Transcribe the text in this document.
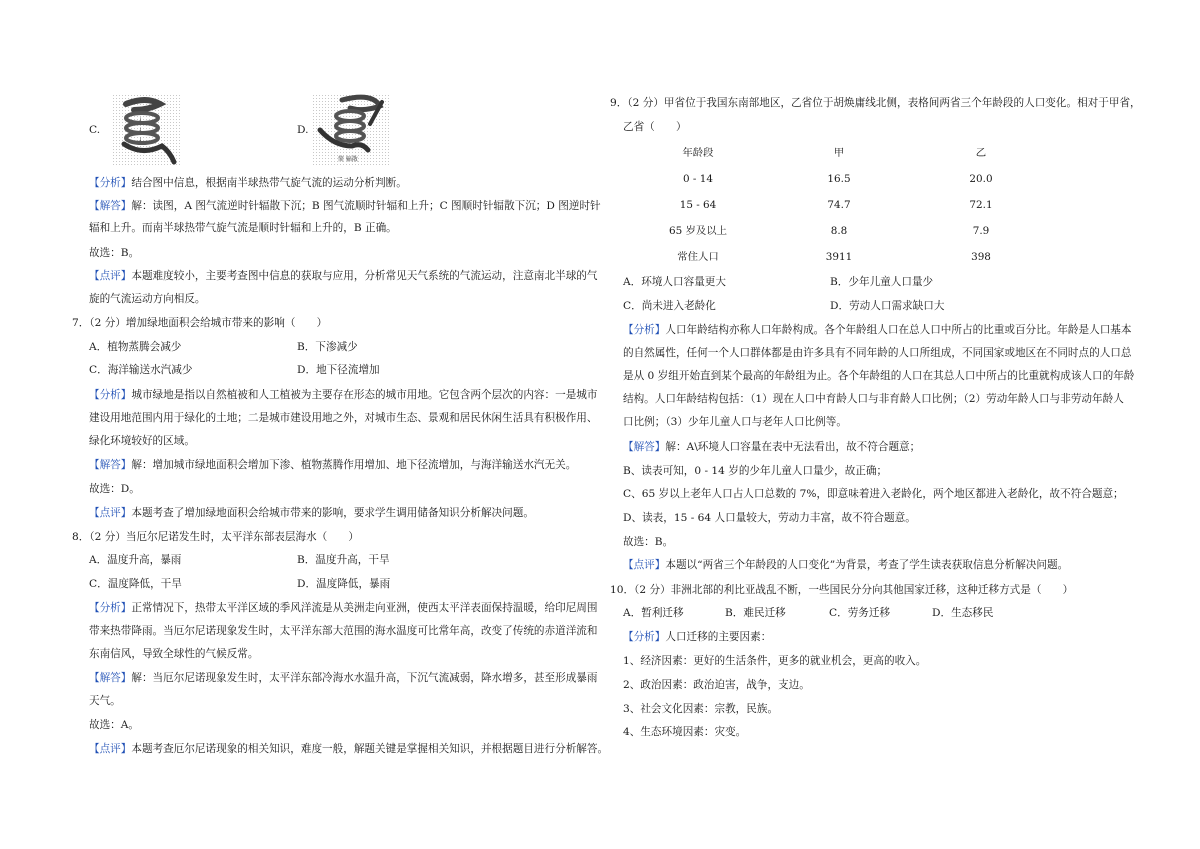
C.
↓
↓
↓
D.
简 辐散
【分析】结合图中信息，根据南半球热带气旋气流的运动分析判断。
【解答】解：读图，A 图气流逆时针辐散下沉；B 图气流顺时针辐和上升；C 图顺时针辐散下沉；D 图逆时针
辐和上升。而南半球热带气旋气流是顺时针辐和上升的，B 正确。
故选：B。
【点评】本题难度较小，主要考查图中信息的获取与应用，分析常见天气系统的气流运动，注意南北半球的气
旋的气流运动方向相反。
7．（2 分）增加绿地面积会给城市带来的影响（　　）
A．植物蒸腾会减少	B．下渗减少
C．海洋输送水汽减少	D．地下径流增加
【分析】城市绿地是指以自然植被和人工植被为主要存在形态的城市用地。它包含两个层次的内容：一是城市
建设用地范围内用于绿化的土地；二是城市建设用地之外，对城市生态、景观和居民休闲生活具有积极作用、
绿化环境较好的区域。
【解答】解：增加城市绿地面积会增加下渗、植物蒸腾作用增加、地下径流增加，与海洋输送水汽无关。
故选：D。
【点评】本题考查了增加绿地面积会给城市带来的影响，要求学生调用储备知识分析解决问题。
8．（2 分）当厄尔尼诺发生时，太平洋东部表层海水（　　）
A．温度升高，暴雨	B．温度升高，干旱
C．温度降低，干旱	D．温度降低，暴雨
【分析】正常情况下，热带太平洋区域的季风洋流是从美洲走向亚洲，使西太平洋表面保持温暖，给印尼周围
带来热带降雨。当厄尔尼诺现象发生时，太平洋东部大范围的海水温度可比常年高，改变了传统的赤道洋流和
东南信风，导致全球性的气候反常。
【解答】解：当厄尔尼诺现象发生时，太平洋东部冷海水水温升高，下沉气流减弱，降水增多，甚至形成暴雨
天气。
故选：A。
【点评】本题考查厄尔尼诺现象的相关知识，难度一般，解题关键是掌握相关知识，并根据题目进行分析解答。
9．（2 分）甲省位于我国东南部地区，乙省位于胡焕庸线北侧，表格间两省三个年龄段的人口变化。相对于甲省，
乙省（　　）
年龄段	甲	乙
0 - 14	16.5	20.0
15 - 64	74.7	72.1
65 岁及以上	8.8	7.9
常住人口	3911	398
A．环境人口容量更大	B．少年儿童人口量少
C．尚未进入老龄化	D．劳动人口需求缺口大
【分析】人口年龄结构亦称人口年龄构成。各个年龄组人口在总人口中所占的比重或百分比。年龄是人口基本
的自然属性，任何一个人口群体都是由许多具有不同年龄的人口所组成，不同国家或地区在不同时点的人口总
是从 0 岁组开始直到某个最高的年龄组为止。各个年龄组的人口在其总人口中所占的比重就构成该人口的年龄
结构。人口年龄结构包括：（1）现在人口中育龄人口与非育龄人口比例；（2）劳动年龄人口与非劳动年龄人
口比例；（3）少年儿童人口与老年人口比例等。
【解答】解：A\环境人口容量在表中无法看出，故不符合题意；
B、读表可知，0 - 14 岁的少年儿童人口量少，故正确；
C、65 岁以上老年人口占人口总数的 7%，即意味着进入老龄化，两个地区都进入老龄化，故不符合题意；
D、读表，15 - 64 人口量较大，劳动力丰富，故不符合题意。
故选：B。
【点评】本题以“两省三个年龄段的人口变化”为背景，考查了学生读表获取信息分析解决问题。
10．（2 分）非洲北部的利比亚战乱不断，一些国民分分向其他国家迁移，这种迁移方式是（　　）
A．暂利迁移	B．难民迁移	C．劳务迁移	D．生态移民
【分析】人口迁移的主要因素：
1、经济因素：更好的生活条件，更多的就业机会，更高的收入。
2、政治因素：政治迫害，战争，支边。
3、社会文化因素：宗教，民族。
4、生态环境因素：灾变。
